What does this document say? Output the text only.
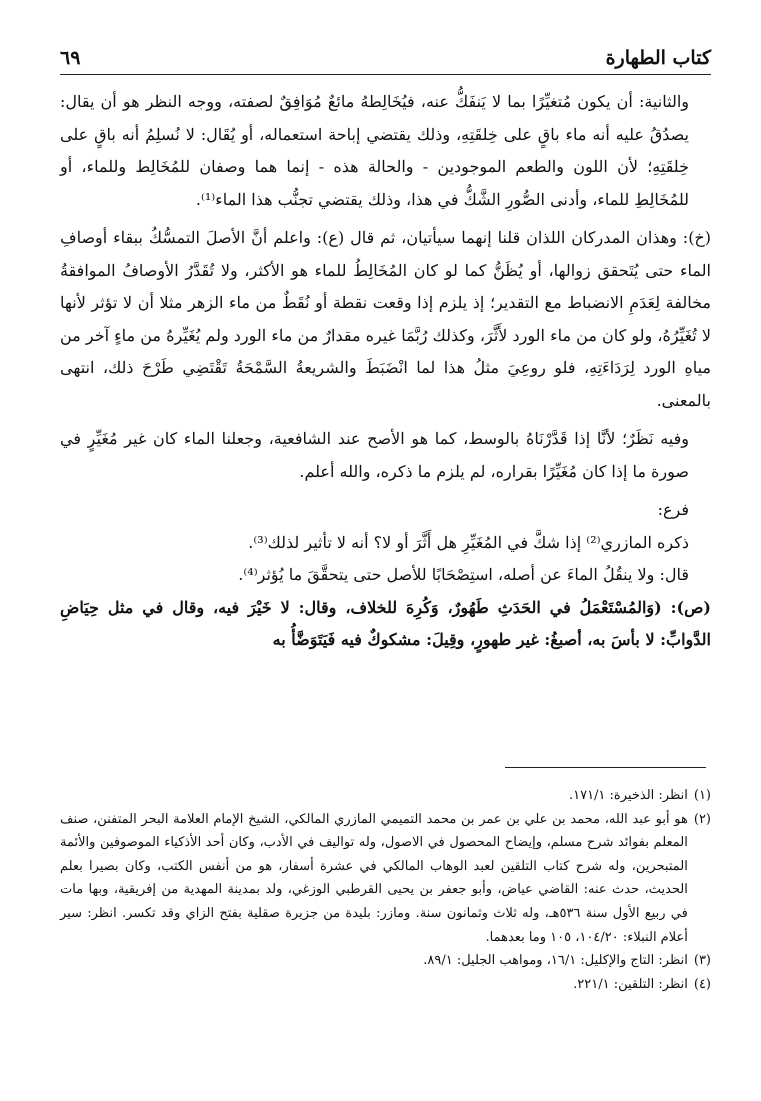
كتاب الطهارة
٦٩

والثانية: أن يكون مُتغيِّرًا بما لا يَنفَكُّ عنه، فيُخَالِطهُ مائعٌ مُوَافِقٌ لصفته، ووجه النظر هو أن يقال: يصدُقُ عليه أنه ماء باقٍ على خِلقَتِهِ، وذلك يقتضي إباحة استعماله، أو يُقَال: لا نُسلِمُ أنه باقٍ على خِلقَتِهِ؛ لأن اللون والطعم الموجودين - والحالة هذه - إنما هما وصفان للمُخَالِط وللماء، أو للمُخَالِطِ للماء، وأدنى الصُّورِ الشَّكُّ في هذا، وذلك يقتضي تجنُّب هذا الماء⁽¹⁾.

(خ): وهذان المدركان اللذان قلنا إنهما سيأتيان، ثم قال (ع): واعلم أنَّ الأصلَ التمسُّكُ ببقاء أوصافِ الماء حتى يُتَحقق زوالها، أو يُظَنُّ كما لو كان المُخَالِطُ للماء هو الأكثر، ولا تُقَدَّرُ الأوصافُ الموافقةُ مخالفة لِعَدَمِ الانضباط مع التقدير؛ إذ يلزم إذا وقعت نقطة أو نُقَطٌ من ماء الزهر مثلا أن لا تؤثر لأنها لا تُغَيِّرُهُ، ولو كان من ماء الورد لأَثَّرَ، وكذلك رُبَّمَا غيره مقدارٌ من ماء الورد ولم يُغَيِّرهُ من ماءٍ آخر من مياهِ الورد لِرَدَاءَتِهِ، فلو روعِيَ مثلُ هذا لما انْضَبَطَ والشريعةُ السَّمْحَةُ تَقْتَضِي طَرْحَ ذلك، انتهى بالمعنى.

وفيه نَظَرٌ؛ لأنَّا إذا قَدَّرْنَاهُ بالوسط، كما هو الأصح عند الشافعية، وجعلنا الماء كان غير مُغَيِّرٍ في صورة ما إذا كان مُغَيِّرًا بقراره، لم يلزم ما ذكره، والله أعلم.

فرع:

ذكره المازري⁽²⁾ إذا شكَّ في المُغَيِّرِ هل أَثَّرَ أو لا؟ أنه لا تأثير لذلك⁽³⁾.

قال: ولا ينقُلُ الماءَ عن أصله، استِصْحَابًا للأصل حتى يتحقَّقَ ما يُؤثر⁽⁴⁾.

(ص): (وَالمُسْتَعْمَلُ في الحَدَثِ طَهُورٌ، وَكُرِهَ للخلاف، وقال: لا خَيْرَ فيه، وقال في مثل حِيَاضِ الدَّوابِّ: لا بأسَ به، أصبغُ: غير طهورٍ، وقِيلَ: مشكوكٌ فيه فَيَتَوَضَّأُ به

(١)
انظر: الذخيرة: ١٧١/١.
(٢)
هو أبو عبد الله، محمد بن علي بن عمر بن محمد التميمي المازري المالكي، الشيخ الإمام العلامة البحر المتفنن، صنف المعلم بفوائد شرح مسلم، وإيضاح المحصول في الاصول، وله تواليف في الأدب، وكان أحد الأذكياء الموصوفين والأئمة المتبحرين، وله شرح كتاب التلقين لعبد الوهاب المالكي في عشرة أسفار، هو من أنفس الكتب، وكان بصيرا بعلم الحديث، حدث عنه: القاضي عياض، وأبو جعفر بن يحيى القرطبي الوزغي، ولد بمدينة المهدية من إفريقية، وبها مات في ربيع الأول سنة ٥٣٦هـ، وله ثلاث وثمانون سنة. ومازر: بليدة من جزيرة صقلية بفتح الزاي وقد تكسر. انظر: سير أعلام النبلاء: ١٠٤/٢٠، ١٠٥ وما بعدهما.
(٣)
انظر: التاج والإكليل: ١٦/١، ومواهب الجليل: ٨٩/١.
(٤)
انظر: التلقين: ٢٢١/١.
